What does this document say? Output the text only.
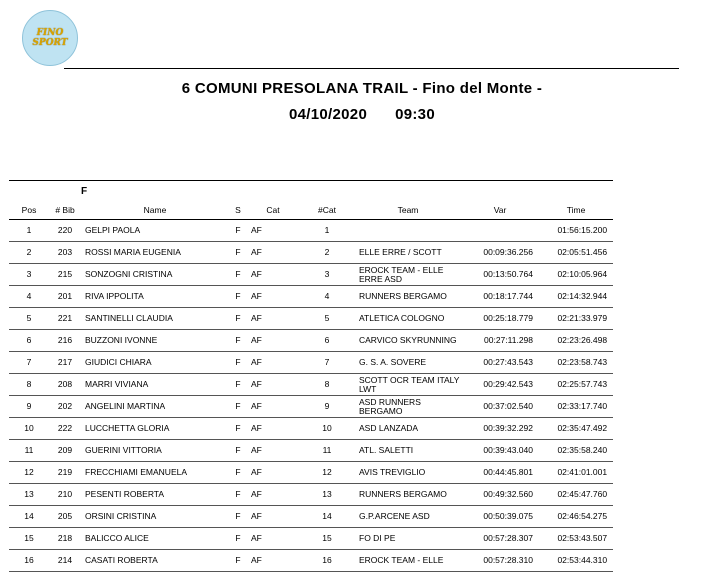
FINO
SPORT
6 COMUNI PRESOLANA TRAIL - Fino del Monte -
04/10/2020 09:30
		F						
Pos	# Bib	Name	S	Cat	#Cat	Team	Var	Time
1	220	GELPI PAOLA	F	AF	1			01:56:15.200
2	203	ROSSI MARIA EUGENIA	F	AF	2	ELLE ERRE / SCOTT	00:09:36.256	02:05:51.456
3	215	SONZOGNI CRISTINA	F	AF	3	EROCK TEAM - ELLE ERRE ASD	00:13:50.764	02:10:05.964
4	201	RIVA IPPOLITA	F	AF	4	RUNNERS BERGAMO	00:18:17.744	02:14:32.944
5	221	SANTINELLI CLAUDIA	F	AF	5	ATLETICA COLOGNO	00:25:18.779	02:21:33.979
6	216	BUZZONI IVONNE	F	AF	6	CARVICO SKYRUNNING	00:27:11.298	02:23:26.498
7	217	GIUDICI CHIARA	F	AF	7	G. S. A. SOVERE	00:27:43.543	02:23:58.743
8	208	MARRI VIVIANA	F	AF	8	SCOTT OCR TEAM ITALY LWT	00:29:42.543	02:25:57.743
9	202	ANGELINI MARTINA	F	AF	9	ASD RUNNERS BERGAMO	00:37:02.540	02:33:17.740
10	222	LUCCHETTA GLORIA	F	AF	10	ASD LANZADA	00:39:32.292	02:35:47.492
11	209	GUERINI VITTORIA	F	AF	11	ATL. SALETTI	00:39:43.040	02:35:58.240
12	219	FRECCHIAMI EMANUELA	F	AF	12	AVIS TREVIGLIO	00:44:45.801	02:41:01.001
13	210	PESENTI ROBERTA	F	AF	13	RUNNERS BERGAMO	00:49:32.560	02:45:47.760
14	205	ORSINI CRISTINA	F	AF	14	G.P.ARCENE ASD	00:50:39.075	02:46:54.275
15	218	BALICCO ALICE	F	AF	15	FO DI PE	00:57:28.307	02:53:43.507
16	214	CASATI ROBERTA	F	AF	16	EROCK TEAM - ELLE	00:57:28.310	02:53:44.310
